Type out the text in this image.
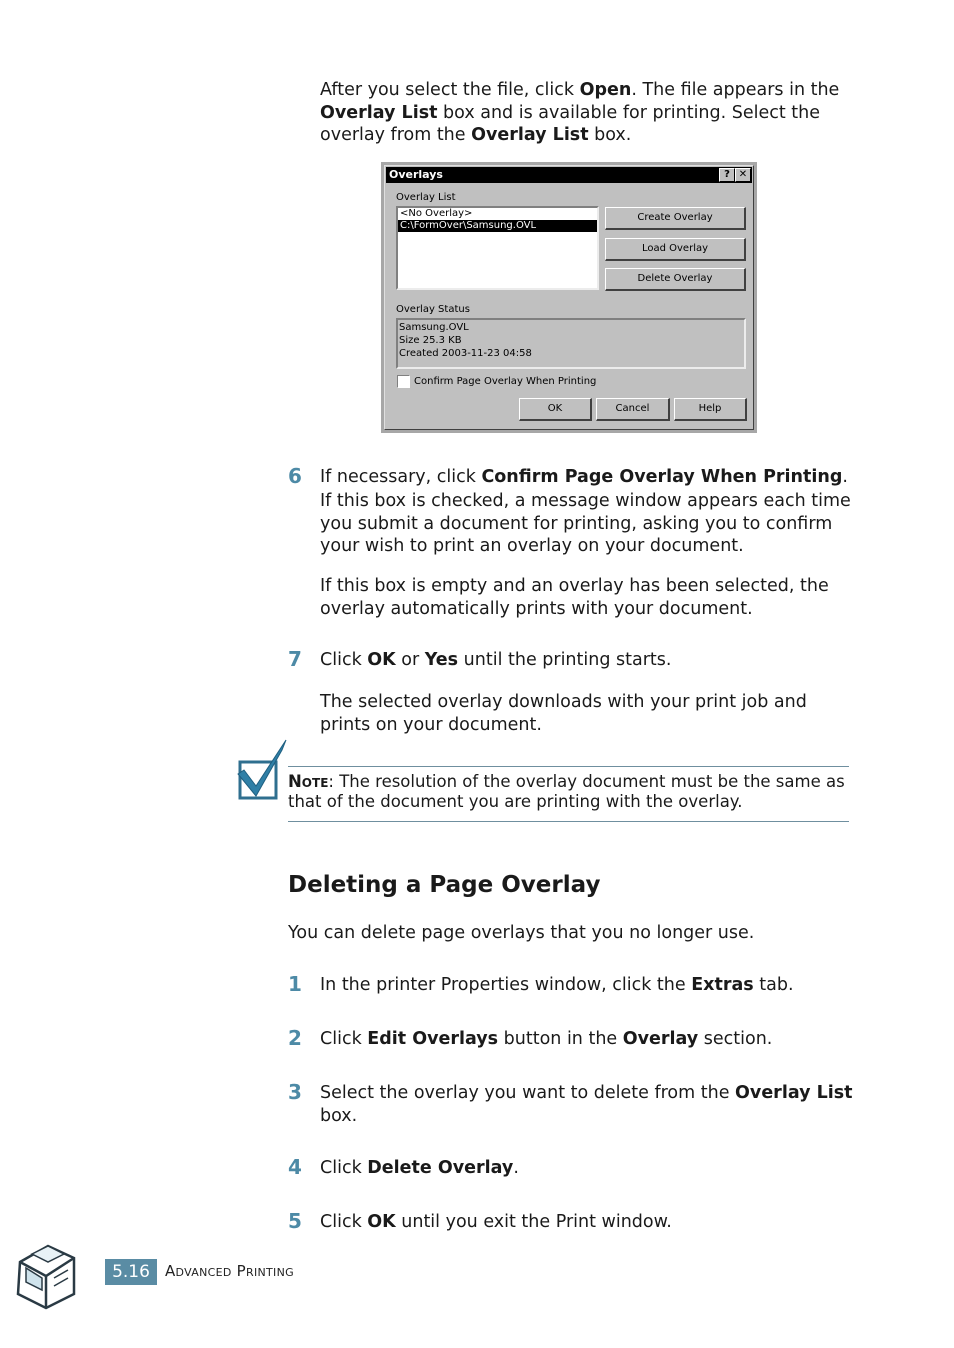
After you select the file, click Open. The file appears in the Overlay List box and is available for printing. Select the overlay from the Overlay List box.

Overlays	? ✕
Overlay List
<No Overlay>
C:\FormOver\Samsung.OVL
Create Overlay
Load Overlay
Delete Overlay
Overlay Status
Samsung.OVL
Size 25.3 KB
Created 2003-11-23 04:58
Confirm Page Overlay When Printing
OK	Cancel	Help
6 If necessary, click Confirm Page Overlay When Printing.

If this box is checked, a message window appears each time you submit a document for printing, asking you to confirm your wish to print an overlay on your document.

If this box is empty and an overlay has been selected, the overlay automatically prints with your document.

7 Click OK or Yes until the printing starts.

The selected overlay downloads with your print job and prints on your document.

Note: The resolution of the overlay document must be the same as that of the document you are printing with the overlay.
Deleting a Page Overlay

You can delete page overlays that you no longer use.

1 In the printer Properties window, click the Extras tab.
2 Click Edit Overlays button in the Overlay section.
3 Select the overlay you want to delete from the Overlay List box.
4 Click Delete Overlay.
5 Click OK until you exit the Print window.
5.16	Advanced Printing
